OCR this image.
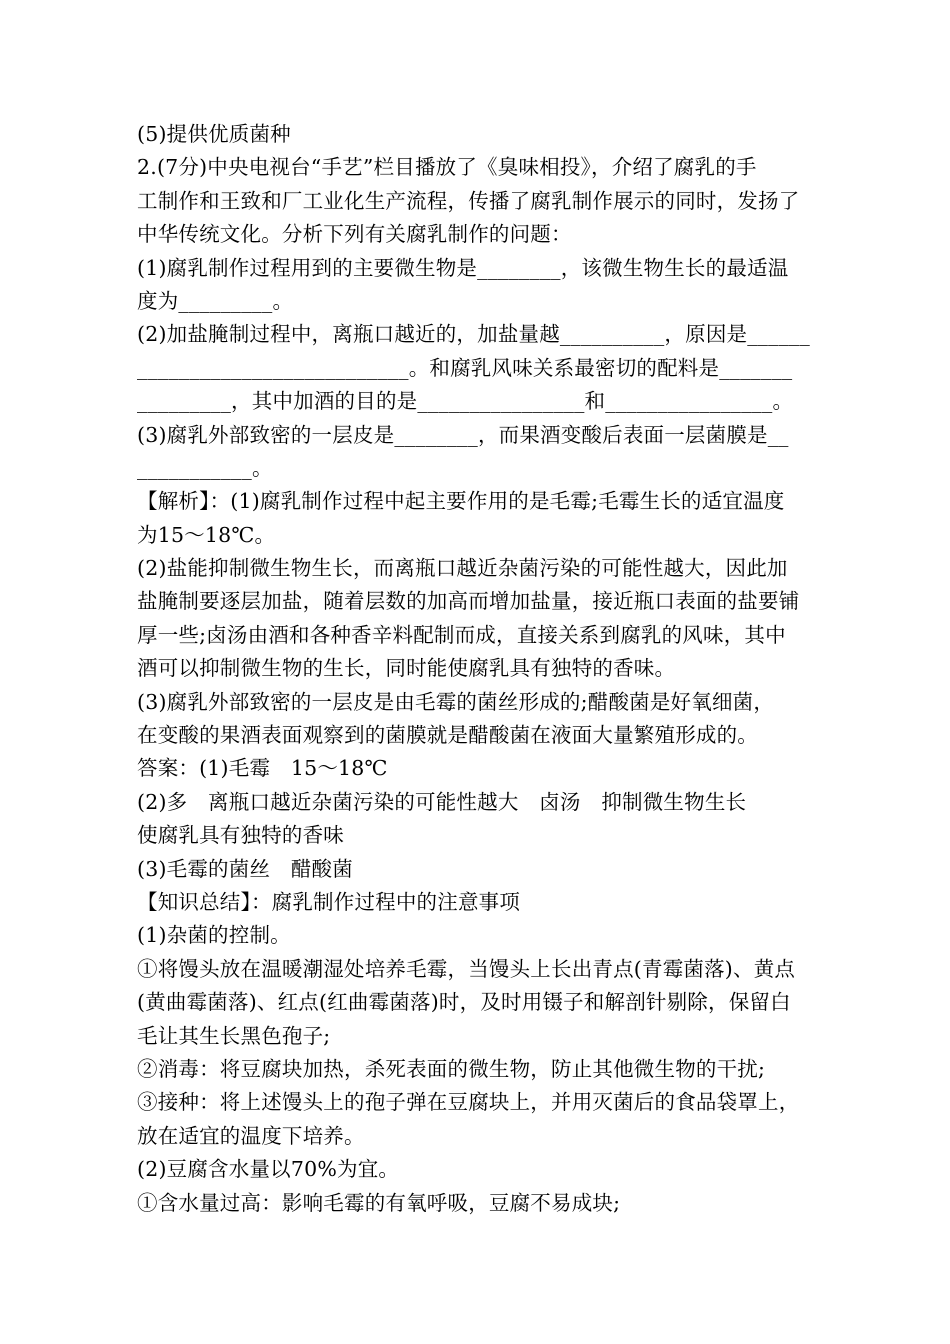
(5)提供优质菌种
2.(7分)中央电视台“手艺”栏目播放了《臭味相投》，介绍了腐乳的手
工制作和王致和厂工业化生产流程，传播了腐乳制作展示的同时，发扬了
中华传统文化。分析下列有关腐乳制作的问题：
(1)腐乳制作过程用到的主要微生物是________，该微生物生长的最适温
度为_________。
(2)加盐腌制过程中，离瓶口越近的，加盐量越__________，原因是______
__________________________。和腐乳风味关系最密切的配料是_______
_________，其中加酒的目的是________________和________________。
(3)腐乳外部致密的一层皮是________，而果酒变酸后表面一层菌膜是__
___________。
【解析】：(1)腐乳制作过程中起主要作用的是毛霉;毛霉生长的适宜温度
为15～18℃。
(2)盐能抑制微生物生长，而离瓶口越近杂菌污染的可能性越大，因此加
盐腌制要逐层加盐，随着层数的加高而增加盐量，接近瓶口表面的盐要铺
厚一些;卤汤由酒和各种香辛料配制而成，直接关系到腐乳的风味，其中
酒可以抑制微生物的生长，同时能使腐乳具有独特的香味。
(3)腐乳外部致密的一层皮是由毛霉的菌丝形成的;醋酸菌是好氧细菌，
在变酸的果酒表面观察到的菌膜就是醋酸菌在液面大量繁殖形成的。
答案：(1)毛霉　15～18℃
(2)多　离瓶口越近杂菌污染的可能性越大　卤汤　抑制微生物生长　
使腐乳具有独特的香味
(3)毛霉的菌丝　醋酸菌
【知识总结】：腐乳制作过程中的注意事项
(1)杂菌的控制。
①将馒头放在温暖潮湿处培养毛霉，当馒头上长出青点(青霉菌落)、黄点
(黄曲霉菌落)、红点(红曲霉菌落)时，及时用镊子和解剖针剔除，保留白
毛让其生长黑色孢子;
②消毒：将豆腐块加热，杀死表面的微生物，防止其他微生物的干扰;
③接种：将上述馒头上的孢子弹在豆腐块上，并用灭菌后的食品袋罩上，
放在适宜的温度下培养。
(2)豆腐含水量以70%为宜。
①含水量过高：影响毛霉的有氧呼吸，豆腐不易成块;
